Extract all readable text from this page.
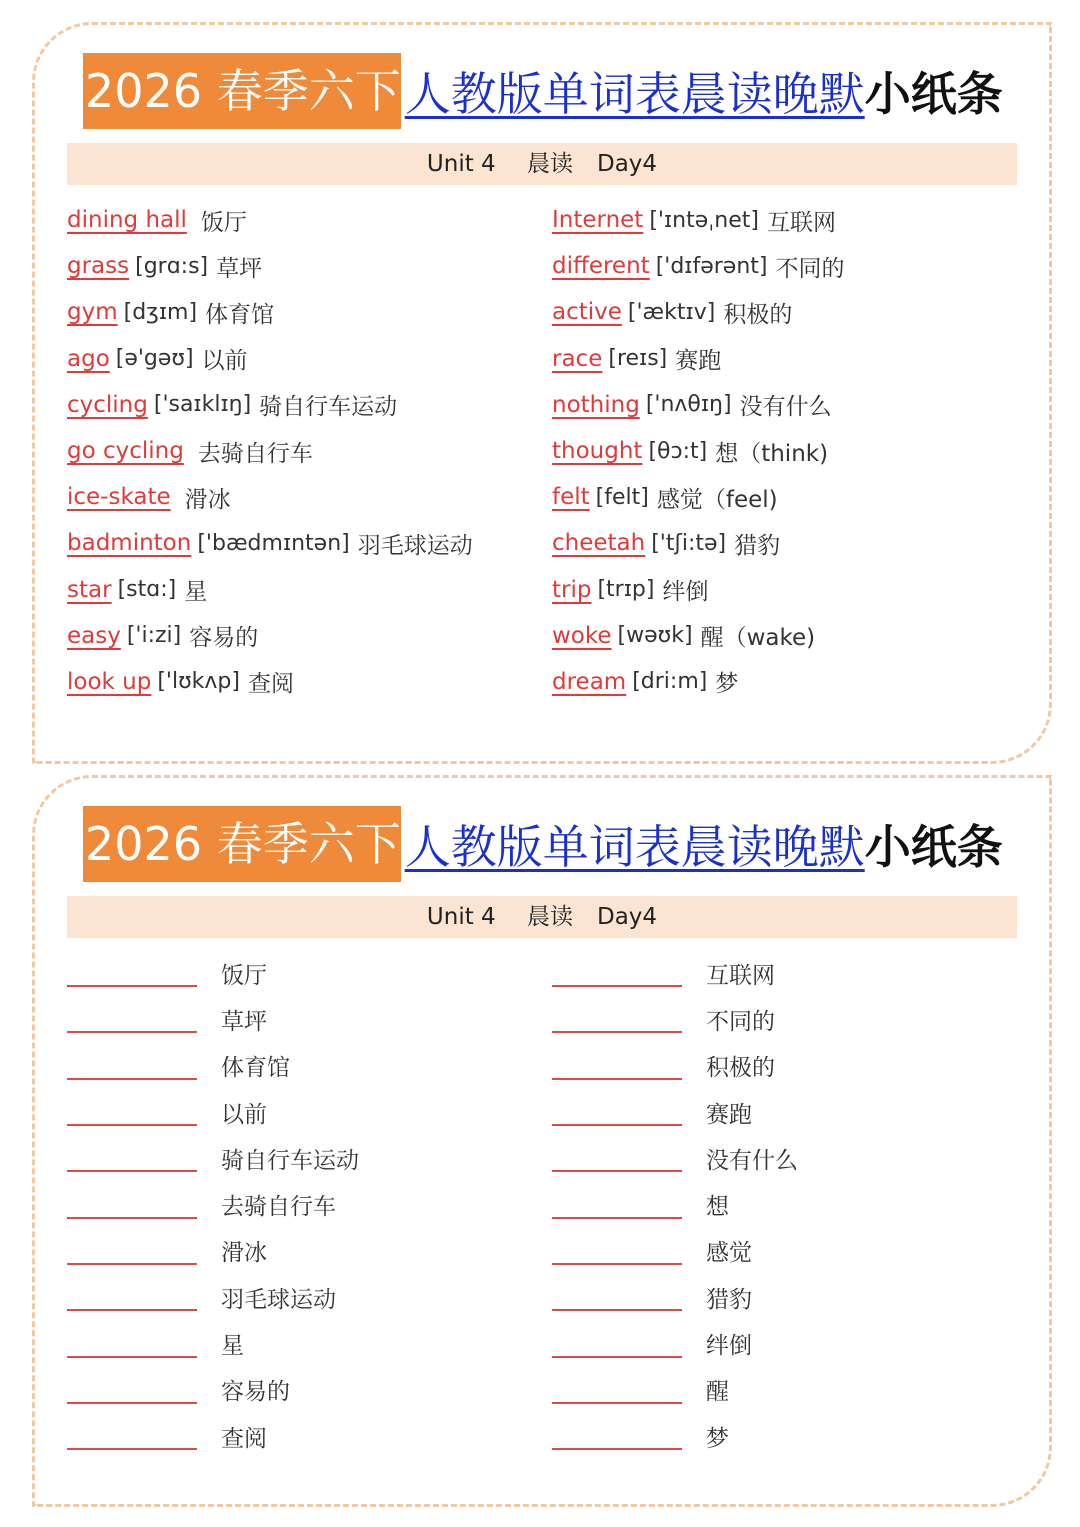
2026 春季六下 人教版单词表晨读晚默 小纸条
Unit 4 晨读 Day4
dining hall 饭厅
grass [grɑ:s] 草坪
gym [dʒɪm] 体育馆
ago [ə'gəʊ] 以前
cycling ['saɪklɪŋ] 骑自行车运动
go cycling 去骑自行车
ice-skate 滑冰
badminton ['bædmɪntən] 羽毛球运动
star [stɑ:] 星
easy ['i:zi] 容易的
look up ['lʊkʌp] 查阅
Internet ['ɪntəˌnet] 互联网
different ['dɪfərənt] 不同的
active ['æktɪv] 积极的
race [reɪs] 赛跑
nothing ['nʌθɪŋ] 没有什么
thought [θɔ:t] 想（think)
felt [felt] 感觉（feel)
cheetah ['tʃi:tə] 猎豹
trip [trɪp] 绊倒
woke [wəʊk] 醒（wake)
dream [dri:m] 梦
2026 春季六下 人教版单词表晨读晚默 小纸条
Unit 4 晨读 Day4
饭厅
草坪
体育馆
以前
骑自行车运动
去骑自行车
滑冰
羽毛球运动
星
容易的
查阅
互联网
不同的
积极的
赛跑
没有什么
想
感觉
猎豹
绊倒
醒
梦
